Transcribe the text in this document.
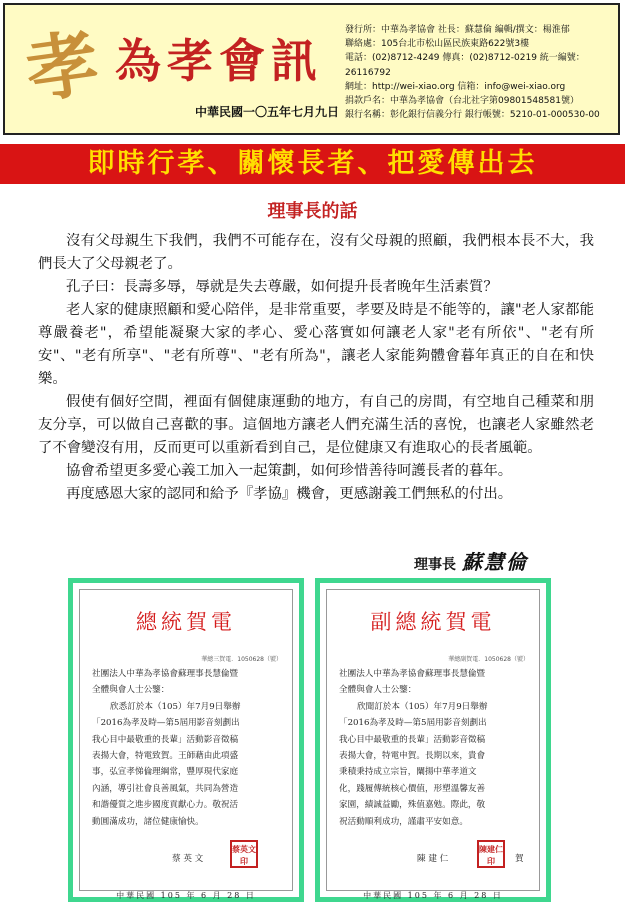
孝 為孝會訊
中華民國一〇五年七月九日
發行所：中華為孝協會 社長：蘇慧倫 編輯/撰文：楊淮郁
聯絡處：105台北市松山區民族東路622號3樓
電話：(02)8712-4249 傳真：(02)8712-0219 統一編號：26116792
網址：http://wei-xiao.org 信箱：info@wei-xiao.org
捐款戶名：中華為孝協會（台北社字第09801548581號）
銀行名稱：彰化銀行信義分行 銀行帳號：5210-01-000530-00
即時行孝、關懷長者、把愛傳出去
理事長的話

沒有父母親生下我們，我們不可能存在，沒有父母親的照顧，我們根本長不大，我們長大了父母親老了。

孔子曰：長壽多辱，辱就是失去尊嚴，如何提升長者晚年生活素質？

老人家的健康照顧和愛心陪伴，是非常重要，孝要及時是不能等的，讓"老人家都能尊嚴養老"，希望能凝聚大家的孝心、愛心落實如何讓老人家"老有所依"、"老有所安"、"老有所享"、"老有所尊"、"老有所為"，讓老人家能夠體會暮年真正的自在和快樂。

假使有個好空間，裡面有個健康運動的地方，有自己的房間，有空地自己種菜和朋友分享，可以做自己喜歡的事。這個地方讓老人們充滿生活的喜悅，也讓老人家雖然老了不會變沒有用，反而更可以重新看到自己，是位健康又有進取心的長者風範。

協會希望更多愛心義工加入一起策劃，如何珍惜善待呵護長者的暮年。

再度感恩大家的認同和給予『孝協』機會，更感謝義工們無私的付出。

理事長 蘇慧倫
總統賀電
華總三賀電．1050628（號）
社團法人中華為孝協會蘇理事長慧倫暨
全體與會人士公鑒：
欣悉訂於本（105）年7月9日舉辦
「2016為孝及時—第5屆用影音刻劃出
我心目中最敬重的長輩」活動影音徵稿
表揚大會，特電致賀。王師藉由此項盛
事，弘宣孝悌倫理綱常，豐厚現代家庭
內涵，導引社會良善風氣，共同為營造
和諧優質之進步國度貢獻心力。敬祝活
動圓滿成功，諸位健康愉快。
蔡 英 文
蔡英文印
中華民國 105 年 6 月 28 日
副總統賀電
華總副賀電．1050628（號）
社團法人中華為孝協會蘇理事長慧倫暨
全體與會人士公鑒：
欣聞訂於本（105）年7月9日舉辦
「2016為孝及時—第5屆用影音刻劃出
我心目中最敬重的長輩」活動影音徵稿
表揚大會，特電申賀。長期以來，貴會
秉積秉持成立宗旨，闡揚中華孝道文
化，踐履傳統核心價值，形塑溫馨友善
家園，績誠益勵，殊值嘉勉。際此，敬
祝活動順利成功，謹肅平安如意。
陳 建 仁
陳建仁印	賀
中華民國 105 年 6 月 28 日
